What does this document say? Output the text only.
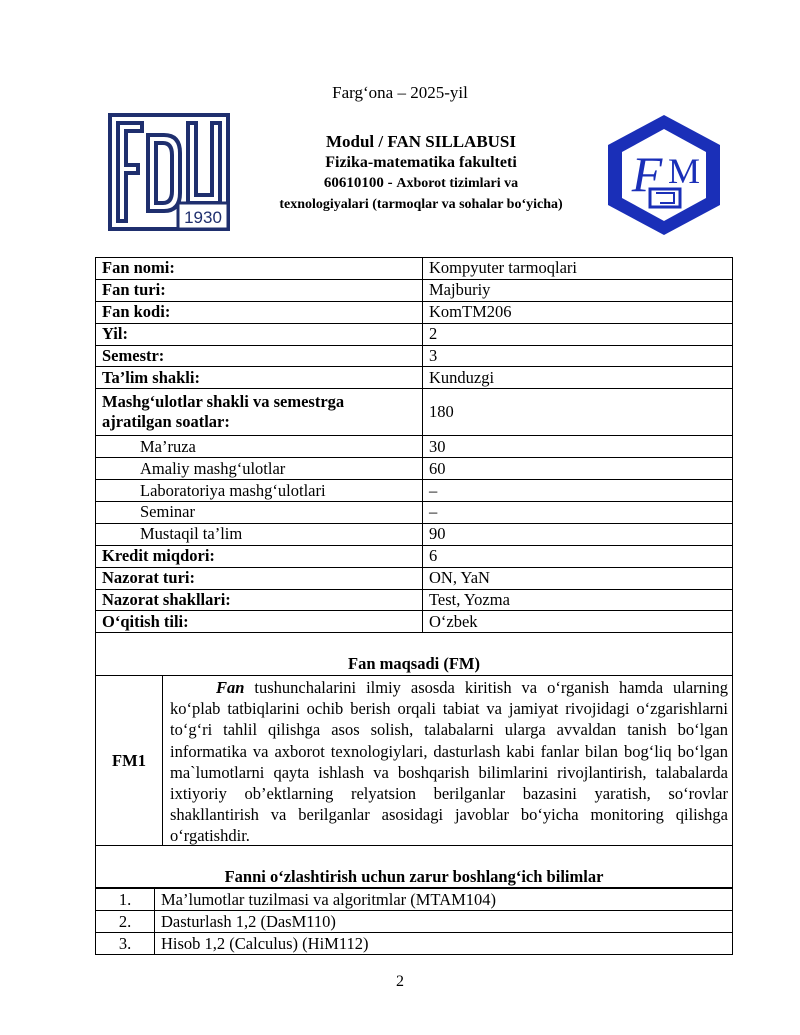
Farg‘ona – 2025-yil
1930
Modul / FAN SILLABUSI
Fizika-matematika fakulteti
60610100 - Axborot tizimlari va
texnologiyalari (tarmoqlar va sohalar bo‘yicha)
F M
Fan nomi:	Kompyuter tarmoqlari
Fan turi:	Majburiy
Fan kodi:	KomTM206
Yil:	2
Semestr:	3
Ta’lim shakli:	Kunduzgi
Mashg‘ulotlar shakli va semestrga ajratilgan soatlar:	180
Ma’ruza	30
Amaliy mashg‘ulotlar	60
Laboratoriya mashg‘ulotlari	–
Seminar	–
Mustaqil ta’lim	90
Kredit miqdori:	6
Nazorat turi:	ON, YaN
Nazorat shakllari:	Test, Yozma
O‘qitish tili:	O‘zbek
Fan maqsadi (FM)
FM1
Fan tushunchalarini ilmiy asosda kiritish va o‘rganish hamda ularning ko‘plab tatbiqlarini ochib berish orqali tabiat va jamiyat rivojidagi o‘zgarishlarni to‘g‘ri tahlil qilishga asos solish, talabalarni ularga avvaldan tanish bo‘lgan informatika va axborot texnologiylari, dasturlash kabi fanlar bilan bog‘liq bo‘lgan ma`lumotlarni qayta ishlash va boshqarish bilimlarini rivojlantirish, talabalarda ixtiyoriy ob’ektlarning relyatsion berilganlar bazasini yaratish, so‘rovlar shakllantirish va berilganlar asosidagi javoblar bo‘yicha monitoring qilishga o‘rgatishdir.
Fanni o‘zlashtirish uchun zarur boshlang‘ich bilimlar
1.	Ma’lumotlar tuzilmasi va algoritmlar (MTAM104)
2.	Dasturlash 1,2 (DasM110)
3.	Hisob 1,2 (Calculus) (HiM112)
2
